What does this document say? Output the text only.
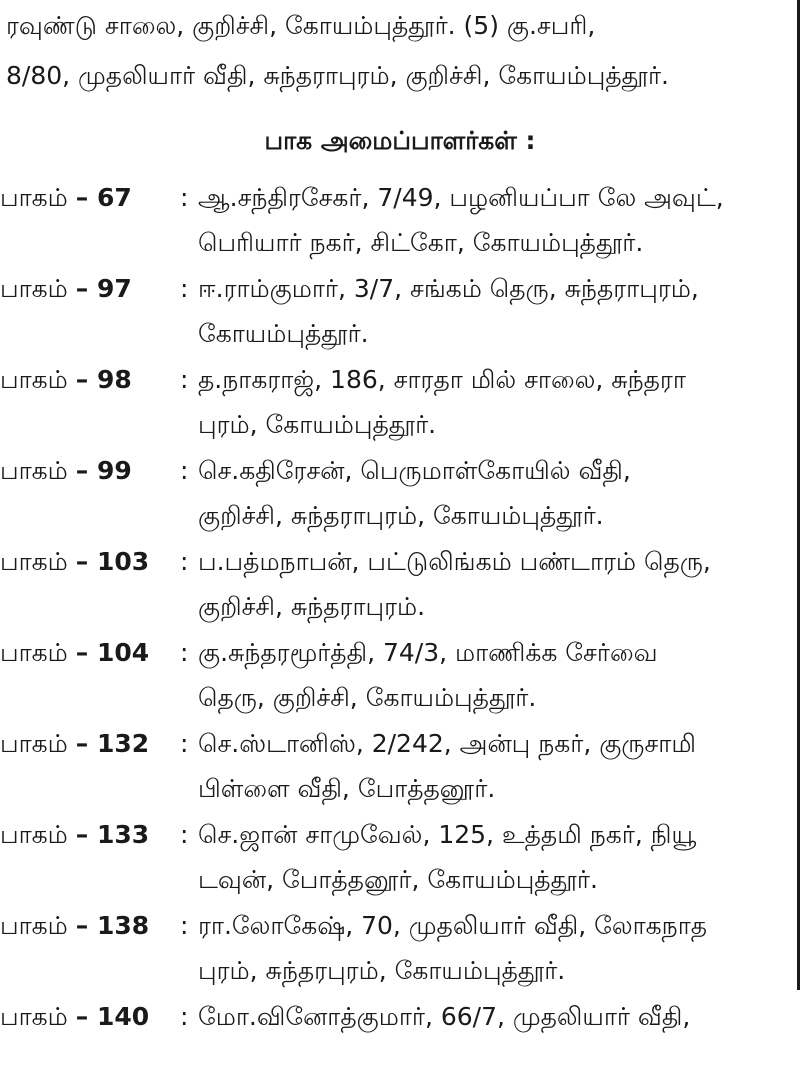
ரவுண்டு சாலை, குறிச்சி, கோயம்புத்தூர். (5) கு.சபரி,
8/80, முதலியார் வீதி, சுந்தராபுரம், குறிச்சி, கோயம்புத்தூர்.
பாக அமைப்பாளர்கள் :
பாகம் – 67 : ஆ.சந்திரசேகர், 7/49, பழனியப்பா லே அவுட்,
பெரியார் நகர், சிட்கோ, கோயம்புத்தூர்.
பாகம் – 97 : ஈ.ராம்குமார், 3/7, சங்கம் தெரு, சுந்தராபுரம்,
கோயம்புத்தூர்.
பாகம் – 98 : த.நாகராஜ், 186, சாரதா மில் சாலை, சுந்தரா
புரம், கோயம்புத்தூர்.
பாகம் – 99 : செ.கதிரேசன், பெருமாள்கோயில் வீதி,
குறிச்சி, சுந்தராபுரம், கோயம்புத்தூர்.
பாகம் – 103 : ப.பத்மநாபன், பட்டுலிங்கம் பண்டாரம் தெரு,
குறிச்சி, சுந்தராபுரம்.
பாகம் – 104 : கு.சுந்தரமூர்த்தி, 74/3, மாணிக்க சேர்வை
தெரு, குறிச்சி, கோயம்புத்தூர்.
பாகம் – 132 : செ.ஸ்டானிஸ், 2/242, அன்பு நகர், குருசாமி
பிள்ளை வீதி, போத்தனூர்.
பாகம் – 133 : செ.ஜான் சாமுவேல், 125, உத்தமி நகர், நியூ
டவுன், போத்தனூர், கோயம்புத்தூர்.
பாகம் – 138 : ரா.லோகேஷ், 70, முதலியார் வீதி, லோகநாத
புரம், சுந்தரபுரம், கோயம்புத்தூர்.
பாகம் – 140 : மோ.வினோத்குமார், 66/7, முதலியார் வீதி,
